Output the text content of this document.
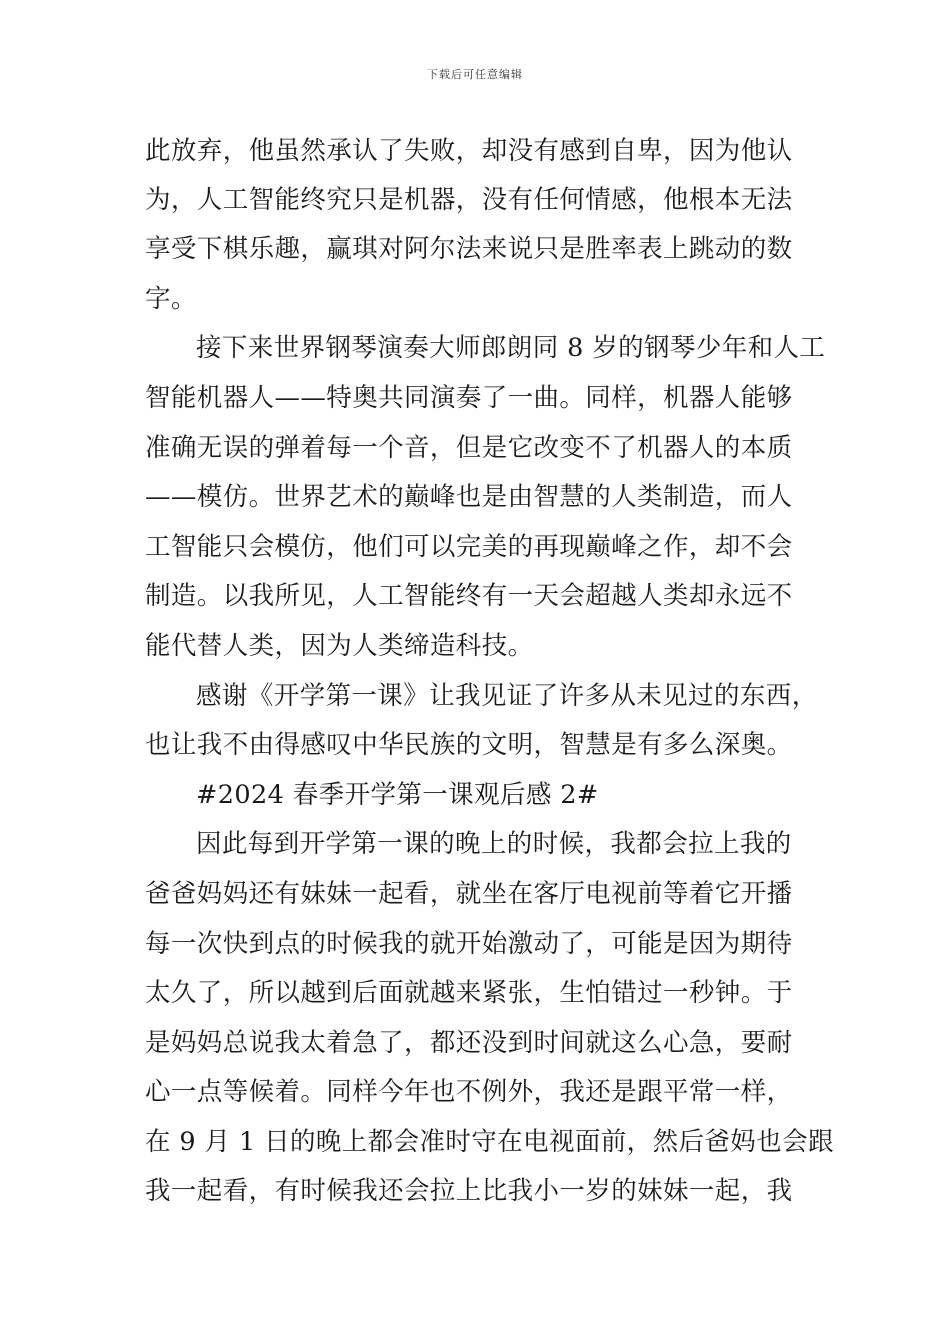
下载后可任意编辑
此放弃，他虽然承认了失败，却没有感到自卑，因为他认
为，人工智能终究只是机器，没有任何情感，他根本无法
享受下棋乐趣，赢琪对阿尔法来说只是胜率表上跳动的数
字。
接下来世界钢琴演奏大师郎朗同 8 岁的钢琴少年和人工
智能机器人——特奥共同演奏了一曲。同样，机器人能够
准确无误的弹着每一个音，但是它改变不了机器人的本质
——模仿。世界艺术的巅峰也是由智慧的人类制造，而人
工智能只会模仿，他们可以完美的再现巅峰之作，却不会
制造。以我所见，人工智能终有一天会超越人类却永远不
能代替人类，因为人类缔造科技。
感谢《开学第一课》让我见证了许多从未见过的东西，
也让我不由得感叹中华民族的文明，智慧是有多么深奥。
#2024 春季开学第一课观后感 2#
因此每到开学第一课的晚上的时候，我都会拉上我的
爸爸妈妈还有妹妹一起看，就坐在客厅电视前等着它开播
每一次快到点的时候我的就开始激动了，可能是因为期待
太久了，所以越到后面就越来紧张，生怕错过一秒钟。于
是妈妈总说我太着急了，都还没到时间就这么心急，要耐
心一点等候着。同样今年也不例外，我还是跟平常一样，
在 9 月 1 日的晚上都会准时守在电视面前，然后爸妈也会跟
我一起看，有时候我还会拉上比我小一岁的妹妹一起，我
